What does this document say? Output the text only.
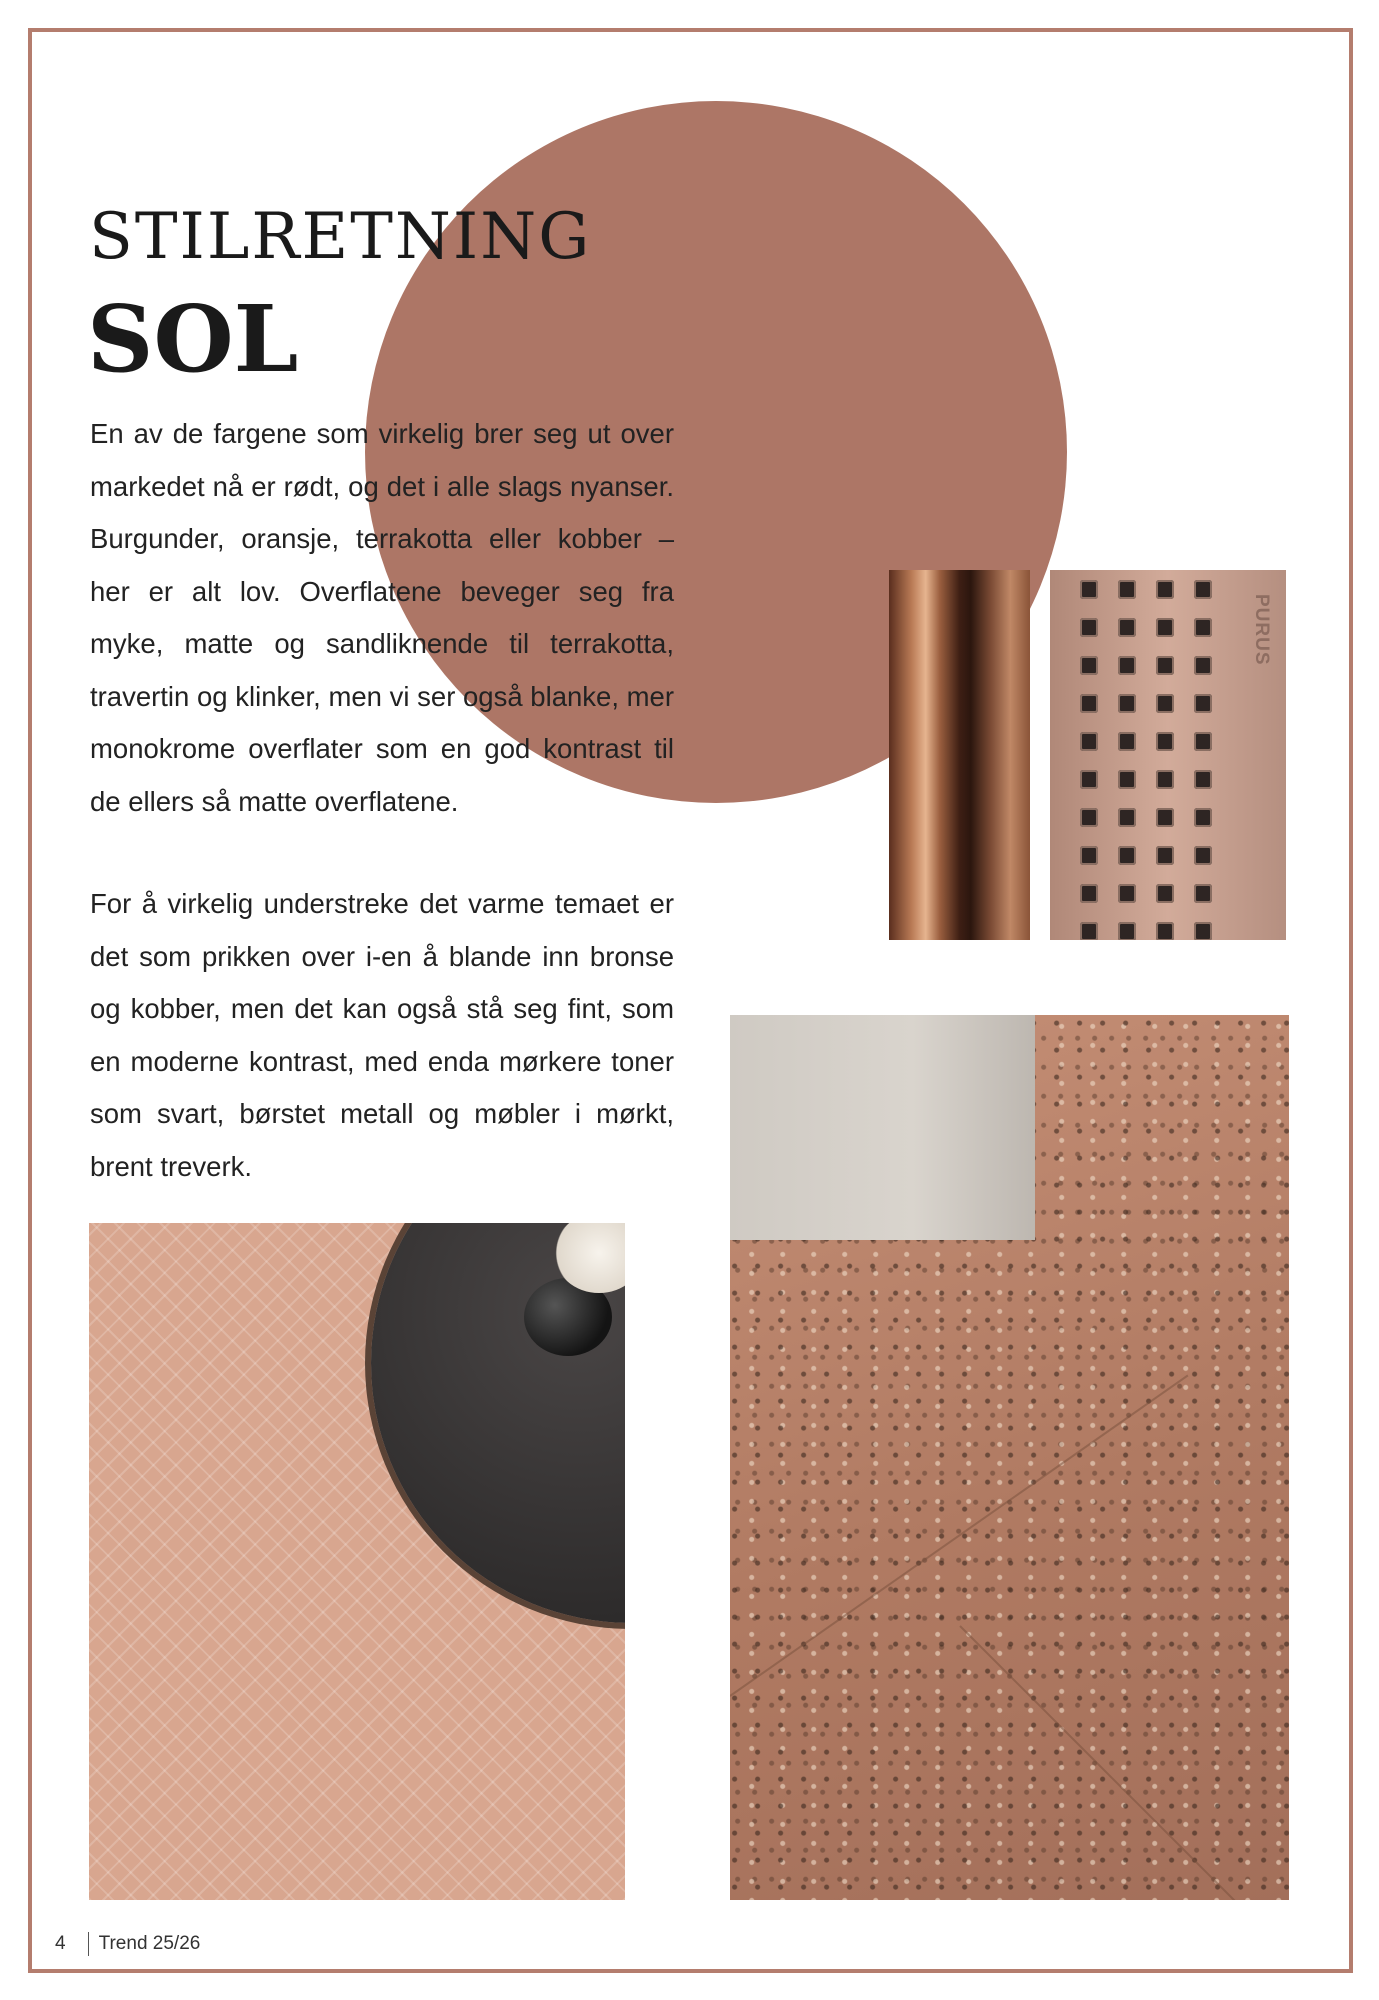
STILRETNING
SOL

En av de fargene som virkelig brer seg ut over markedet nå er rødt, og det i alle slags nyanser. Burgunder, oransje, terrakotta eller kobber – her er alt lov. Overflatene beveger seg fra myke, matte og sandliknende til terrakotta, travertin og klinker, men vi ser også blanke, mer monokrome overflater som en god kontrast til de ellers så matte overflatene.

For å virkelig understreke det varme temaet er det som prikken over i-en å blande inn bronse og kobber, men det kan også stå seg fint, som en moderne kontrast, med enda mørkere toner som svart, børstet metall og møbler i mørkt, brent treverk.

PURUS
4 Trend 25/26
